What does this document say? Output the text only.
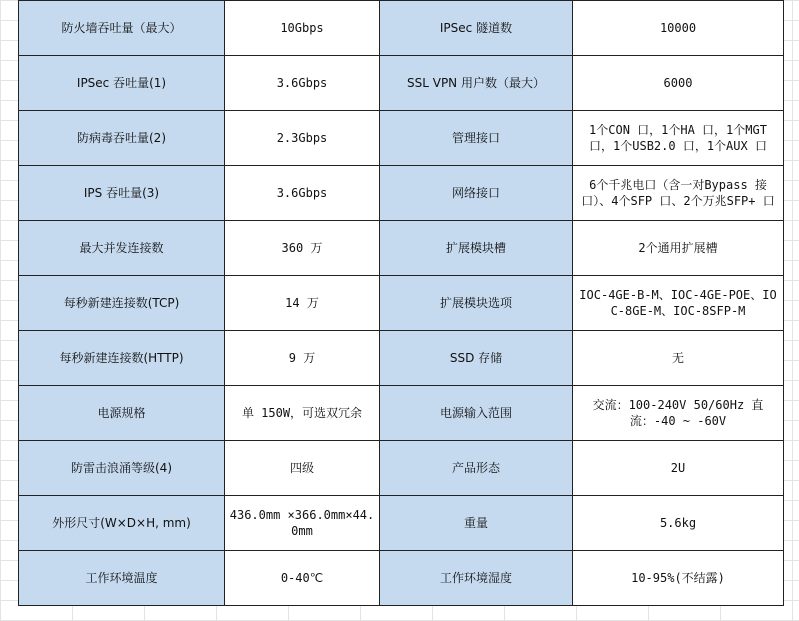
防火墙吞吐量（最大）	10Gbps	IPSec 隧道数	10000
IPSec 吞吐量(1)	3.6Gbps	SSL VPN 用户数（最大）	6000
防病毒吞吐量(2)	2.3Gbps	管理接口	1个CON 口，1个HA 口，1个MGT 口，1个USB2.0 口，1个AUX 口
IPS 吞吐量(3)	3.6Gbps	网络接口	6个千兆电口（含一对Bypass 接口）、4个SFP 口、2个万兆SFP+ 口
最大并发连接数	360 万	扩展模块槽	2个通用扩展槽
每秒新建连接数(TCP)	14 万	扩展模块选项	IOC-4GE-B-M、IOC-4GE-POE、IOC-8GE-M、IOC-8SFP-M
每秒新建连接数(HTTP)	9 万	SSD 存储	无
电源规格	单 150W，可选双冗余	电源输入范围	交流：100-240V 50/60Hz 直流：-40 ~ -60V
防雷击浪涌等级(4)	四级	产品形态	2U
外形尺寸(W×D×H, mm)	436.0mm ×366.0mm×44.0mm	重量	5.6kg
工作环境温度	0-40℃	工作环境湿度	10-95%(不结露)
